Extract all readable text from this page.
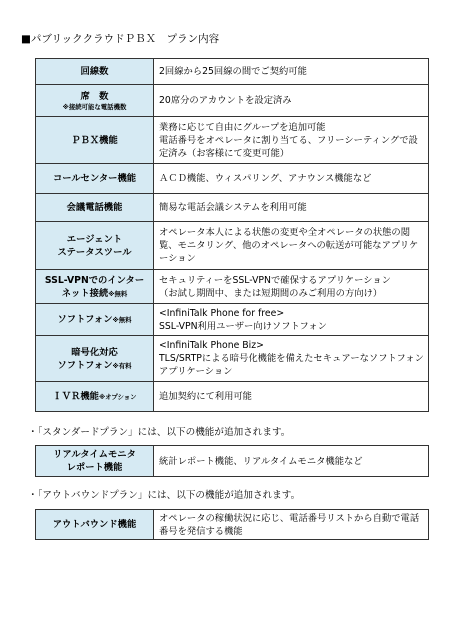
■パブリッククラウドＰＢＸ　プラン内容
回線数	2回線から25回線の間でご契約可能

席　数
※接続可能な電話機数	20席分のアカウントを設定済み

ＰＢＸ機能	業務に応じて自由にグループを追加可能
電話番号をオペレータに割り当てる、フリーシーティングで設定済み（お客様にて変更可能）

コールセンター機能	ＡＣＤ機能、ウィスパリング、アナウンス機能など

会議電話機能	簡易な電話会議システムを利用可能

エージェント
ステータスツール	オペレータ本人による状態の変更や全オペレータの状態の閲覧、モニタリング、他のオペレータへの転送が可能なアプリケーション
SSL-VPNでのインター
ネット接続※無料	セキュリティーをSSL-VPNで確保するアプリケーション
（お試し期間中、または短期間のみご利用の方向け）
ソフトフォン※無料	<InfiniTalk Phone for free>
SSL-VPN利用ユーザー向けソフトフォン
暗号化対応
ソフトフォン※有料	<InfiniTalk Phone Biz>
TLS/SRTPによる暗号化機能を備えたセキュアーなソフトフォンアプリケーション
ＩＶＲ機能※オプション	追加契約にて利用可能
・「スタンダードプラン」には、以下の機能が追加されます。
リアルタイムモニタ
レポート機能	統計レポート機能、リアルタイムモニタ機能など
・「アウトバウンドプラン」には、以下の機能が追加されます。
アウトバウンド機能	オペレータの稼働状況に応じ、電話番号リストから自動で電話番号を発信する機能
